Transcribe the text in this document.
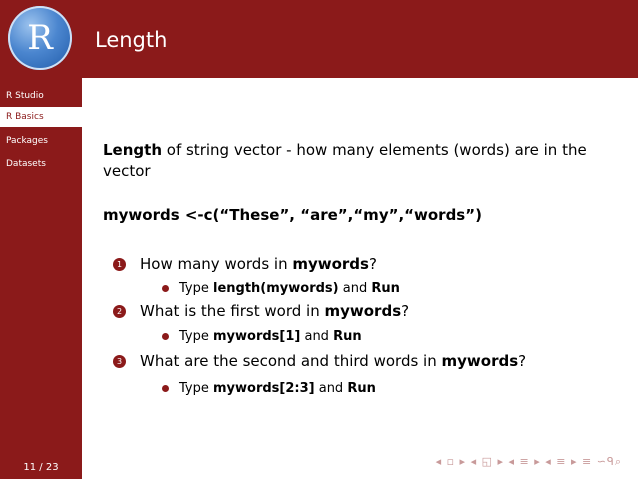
R	Length
R Studio
R Basics
Packages
Datasets
11 / 23

Length of string vector - how many elements (words) are in the vector

mywords <-c(“These”, “are”,“my”,“words”)
1 How many words in mywords?
Type length(mywords) and Run
2 What is the first word in mywords?
Type mywords[1] and Run
3 What are the second and third words in mywords?
Type mywords[2:3] and Run
◂ ▫ ▸ ◂ ◱ ▸ ◂ ≡ ▸ ◂ ≡ ▸ ≡ ∽ᑫ⌕
